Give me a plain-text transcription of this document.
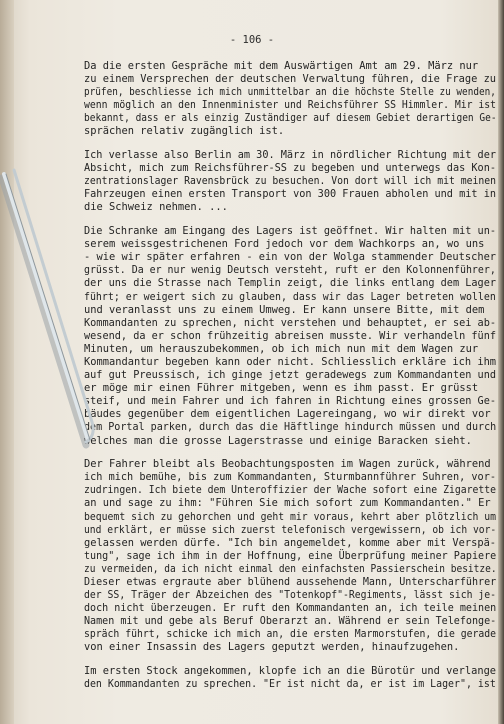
- 106 -

Da die ersten Gespräche mit dem Auswärtigen Amt am 29. März nur
zu einem Versprechen der deutschen Verwaltung führen, die Frage zu
prüfen, beschliesse ich mich unmittelbar an die höchste Stelle zu wenden,
wenn möglich an den Innenminister und Reichsführer SS Himmler. Mir ist
bekannt, dass er als einzig Zuständiger auf diesem Gebiet derartigen Ge-
sprächen relativ zugänglich ist.

Ich verlasse also Berlin am 30. März in nördlicher Richtung mit der
Absicht, mich zum Reichsführer-SS zu begeben und unterwegs das Kon-
zentrationslager Ravensbrück zu besuchen. Von dort will ich mit meinen
Fahrzeugen einen ersten Transport von 300 Frauen abholen und mit in
die Schweiz nehmen. ...

Die Schranke am Eingang des Lagers ist geöffnet. Wir halten mit un-
serem weissgestrichenen Ford jedoch vor dem Wachkorps an, wo uns
- wie wir später erfahren - ein von der Wolga stammender Deutscher
grüsst. Da er nur wenig Deutsch versteht, ruft er den Kolonnenführer,
der uns die Strasse nach Templin zeigt, die links entlang dem Lager
führt; er weigert sich zu glauben, dass wir das Lager betreten wollen
und veranlasst uns zu einem Umweg. Er kann unsere Bitte, mit dem
Kommandanten zu sprechen, nicht verstehen und behauptet, er sei ab-
wesend, da er schon frühzeitig abreisen musste. Wir verhandeln fünf
Minuten, um herauszubekommen, ob ich mich nun mit dem Wagen zur
Kommandantur begeben kann oder nicht. Schliesslich erkläre ich ihm
auf gut Preussisch, ich ginge jetzt geradewegs zum Kommandanten und
er möge mir einen Führer mitgeben, wenn es ihm passt. Er grüsst
steif, und mein Fahrer und ich fahren in Richtung eines grossen Ge-
bäudes gegenüber dem eigentlichen Lagereingang, wo wir direkt vor
dem Portal parken, durch das die Häftlinge hindurch müssen und durch
welches man die grosse Lagerstrasse und einige Baracken sieht.

Der Fahrer bleibt als Beobachtungsposten im Wagen zurück, während
ich mich bemühe, bis zum Kommandanten, Sturmbannführer Suhren, vor-
zudringen. Ich biete dem Unteroffizier der Wache sofort eine Zigarette
an und sage zu ihm: "Führen Sie mich sofort zum Kommandanten." Er
bequemt sich zu gehorchen und geht mir voraus, kehrt aber plötzlich um
und erklärt, er müsse sich zuerst telefonisch vergewissern, ob ich vor-
gelassen werden dürfe. "Ich bin angemeldet, komme aber mit Verspä-
tung", sage ich ihm in der Hoffnung, eine Überprüfung meiner Papiere
zu vermeiden, da ich nicht einmal den einfachsten Passierschein besitze.
Dieser etwas ergraute aber blühend aussehende Mann, Unterscharführer
der SS, Träger der Abzeichen des "Totenkopf"-Regiments, lässt sich je-
doch nicht überzeugen. Er ruft den Kommandanten an, ich teile meinen
Namen mit und gebe als Beruf Oberarzt an. Während er sein Telefonge-
spräch führt, schicke ich mich an, die ersten Marmorstufen, die gerade
von einer Insassin des Lagers geputzt werden, hinaufzugehen.

Im ersten Stock angekommen, klopfe ich an die Bürotür und verlange
den Kommandanten zu sprechen. "Er ist nicht da, er ist im Lager", ist
